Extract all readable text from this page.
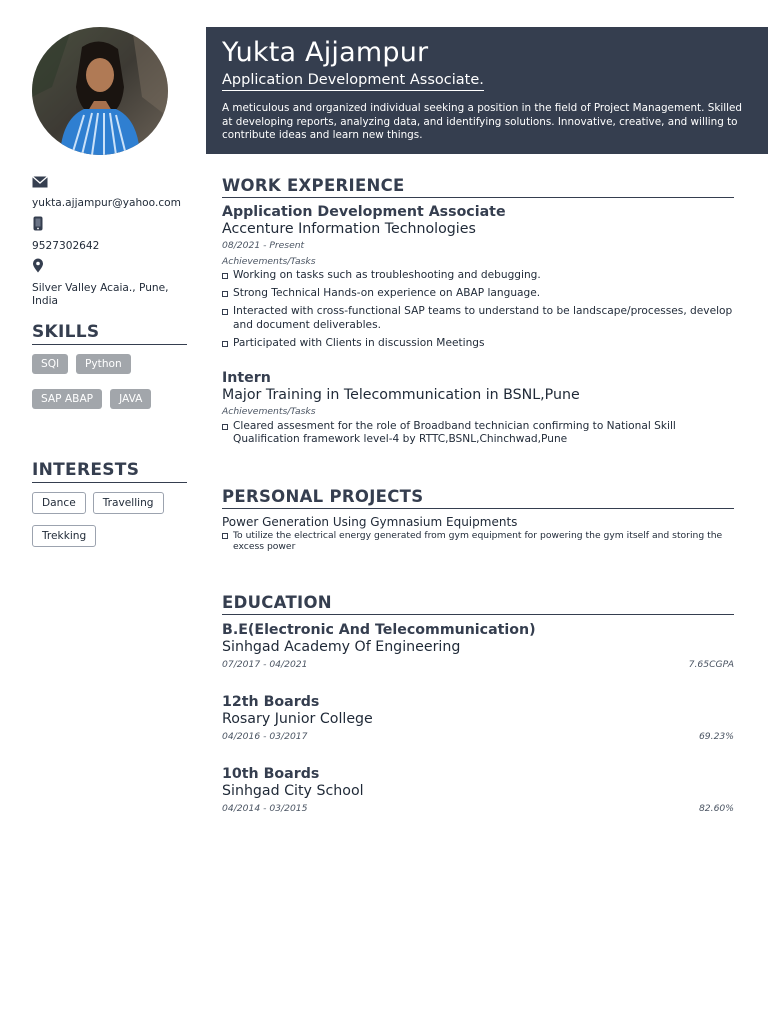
Yukta Ajjampur
Application Development Associate.
A meticulous and organized individual seeking a position in the field of Project Management. Skilled at developing reports, analyzing data, and identifying solutions. Innovative, creative, and willing to contribute ideas and learn new things.
yukta.ajjampur@yahoo.com
9527302642
Silver Valley Acaia., Pune, India
SKILLS
SQl	Python
SAP ABAP	JAVA
INTERESTS
Dance	Travelling
Trekking
WORK EXPERIENCE
Application Development Associate
Accenture Information Technologies
08/2021 - Present
Achievements/Tasks
Working on tasks such as troubleshooting and debugging.
Strong Technical Hands-on experience on ABAP language.
Interacted with cross-functional SAP teams to understand to be landscape/processes, develop and document deliverables.
Participated with Clients in discussion Meetings
Intern
Major Training in Telecommunication in BSNL,Pune
Achievements/Tasks
Cleared assesment for the role of Broadband technician confirming to National Skill Qualification framework level-4 by RTTC,BSNL,Chinchwad,Pune
PERSONAL PROJECTS
Power Generation Using Gymnasium Equipments
To utilize the electrical energy generated from gym equipment for powering the gym itself and storing the excess power
EDUCATION
B.E(Electronic And Telecommunication)
Sinhgad Academy Of Engineering
07/2017 - 04/2021	7.65CGPA
12th Boards
Rosary Junior College
04/2016 - 03/2017	69.23%
10th Boards
Sinhgad City School
04/2014 - 03/2015	82.60%
